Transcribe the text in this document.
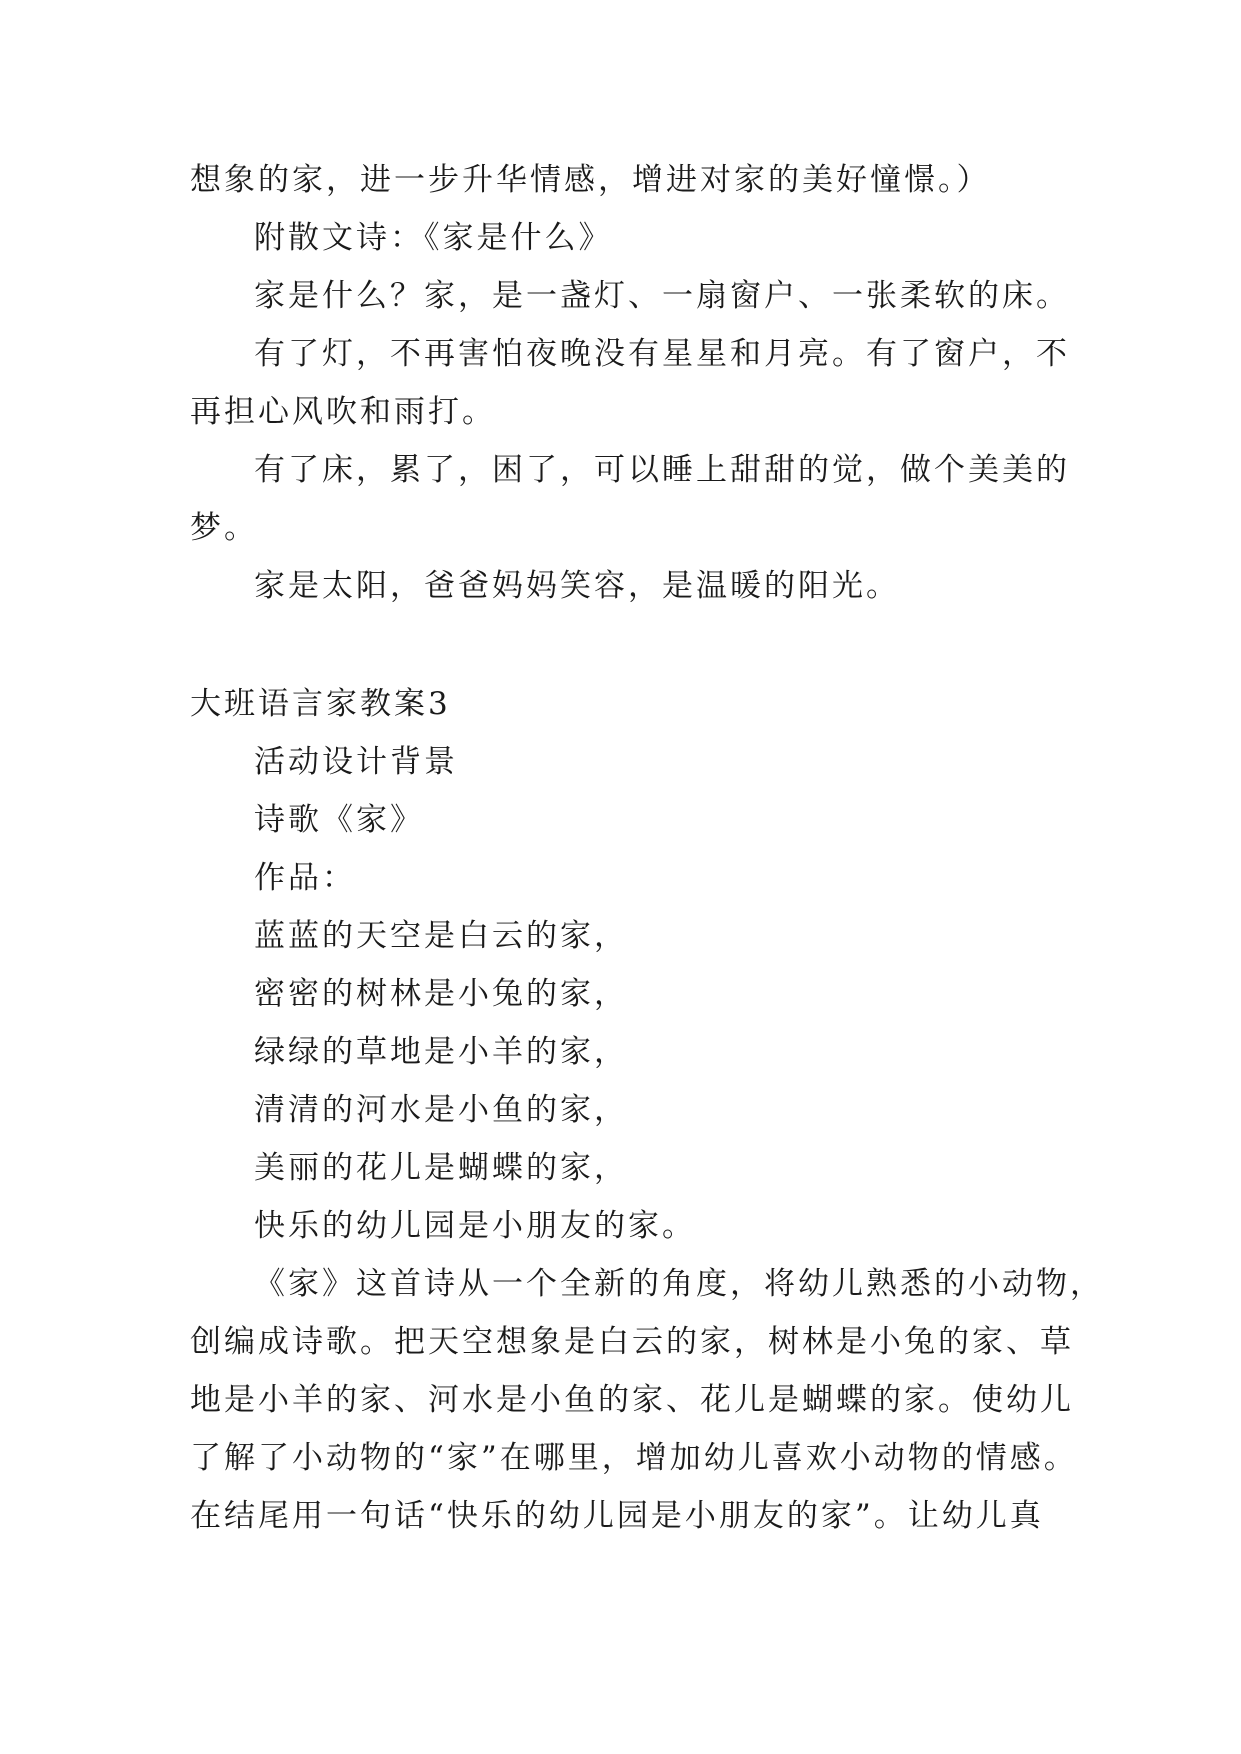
想象的家，进一步升华情感，增进对家的美好憧憬。）
附散文诗：《家是什么》
家是什么？家，是一盏灯、一扇窗户、一张柔软的床。
有了灯，不再害怕夜晚没有星星和月亮。有了窗户，不
再担心风吹和雨打。
有了床，累了，困了，可以睡上甜甜的觉，做个美美的
梦。
家是太阳，爸爸妈妈笑容，是温暖的阳光。
大班语言家教案3
活动设计背景
诗歌《家》
作品：
蓝蓝的天空是白云的家，
密密的树林是小兔的家，
绿绿的草地是小羊的家，
清清的河水是小鱼的家，
美丽的花儿是蝴蝶的家，
快乐的幼儿园是小朋友的家。
《家》这首诗从一个全新的角度，将幼儿熟悉的小动物，
创编成诗歌。把天空想象是白云的家，树林是小兔的家、草
地是小羊的家、河水是小鱼的家、花儿是蝴蝶的家。使幼儿
了解了小动物的“家”在哪里，增加幼儿喜欢小动物的情感。
在结尾用一句话“快乐的幼儿园是小朋友的家”。让幼儿真
